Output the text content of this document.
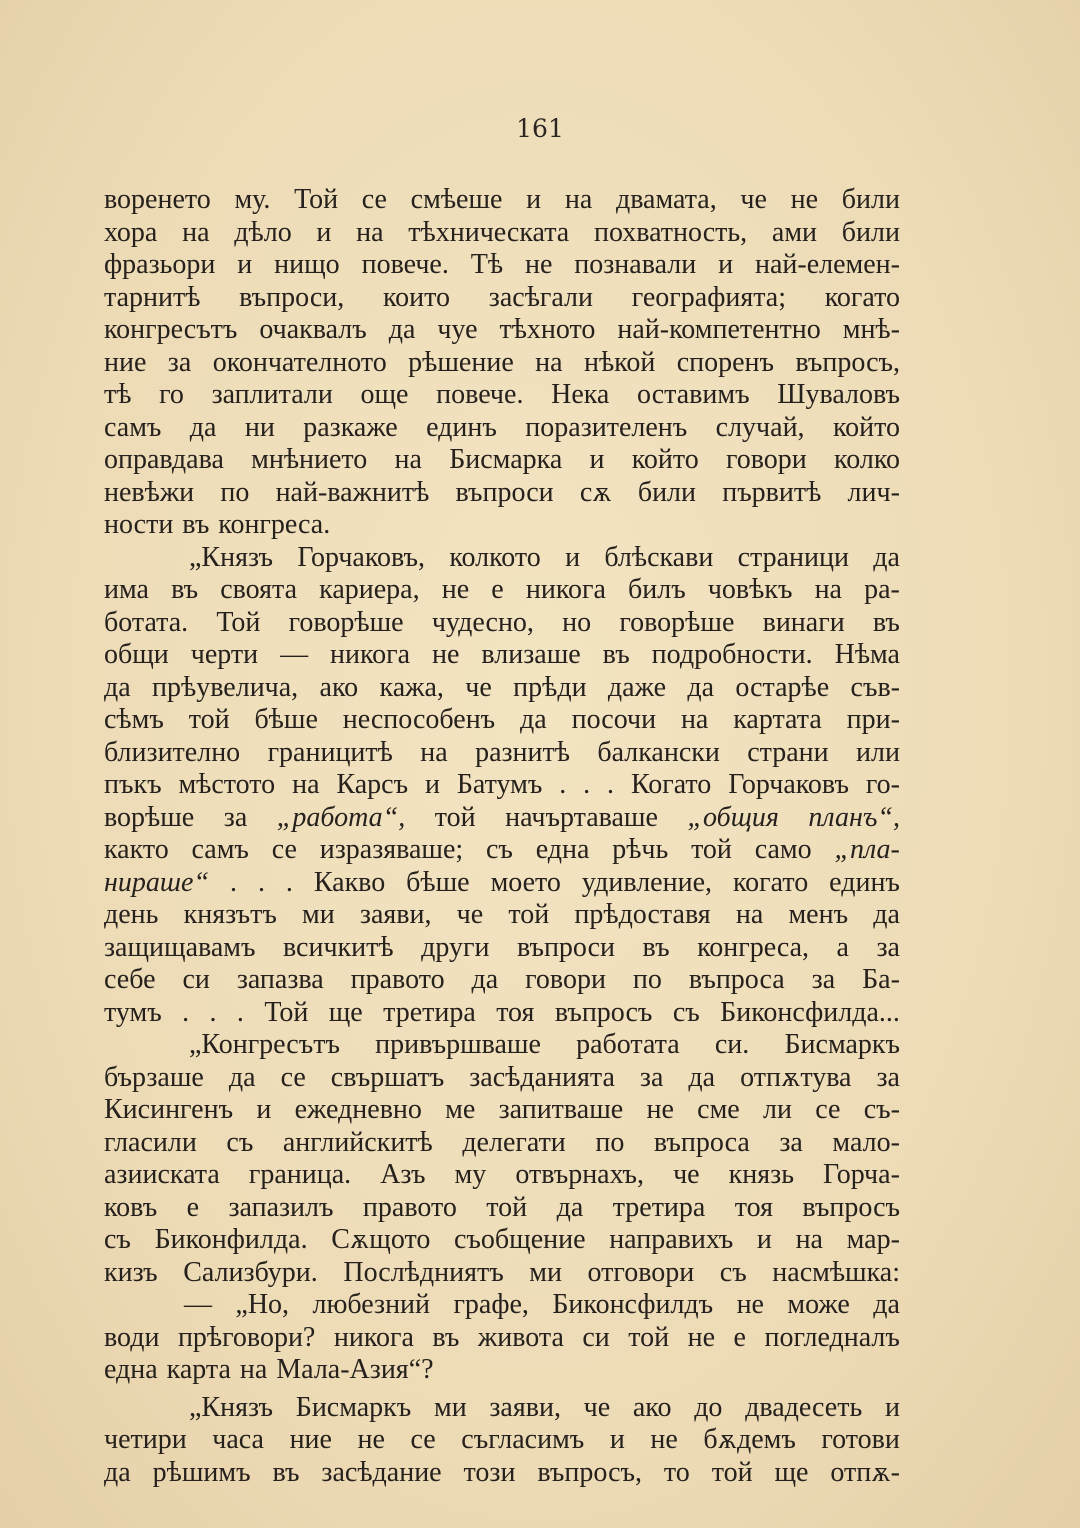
161
воренето му. Той се смѣеше и на двамата, че не били
хора на дѣло и на тѣхническата похватность, ами били
фразьори и нищо повече. Тѣ не познавали и най-елемен-
тарнитѣ въпроси, които засѣгали географията; когато
конгресътъ очаквалъ да чуе тѣхното най-компетентно мнѣ-
ние за окончателното рѣшение на нѣкой споренъ въпросъ,
тѣ го заплитали още повече. Нека оставимъ Шуваловъ
самъ да ни разкаже единъ поразителенъ случай, който
оправдава мнѣнието на Бисмарка и който говори колко
невѣжи по най-важнитѣ въпроси сѫ били първитѣ лич-
ности въ конгреса.
„Князъ Горчаковъ, колкото и блѣскави страници да
има въ своята кариера, не е никога билъ човѣкъ на ра-
ботата. Той говорѣше чудесно, но говорѣше винаги въ
общи черти — никога не влизаше въ подробности. Нѣма
да прѣувелича, ако кажа, че прѣди даже да остарѣе съв-
сѣмъ той бѣше неспособенъ да посочи на картата при-
близително границитѣ на разнитѣ балкански страни или
пъкъ мѣстото на Карсъ и Батумъ . . . Когато Горчаковъ го-
ворѣше за „работа“, той начъртаваше „общия планъ“,
както самъ се изразяваше; съ една рѣчь той само „пла-
нираше“ . . . Какво бѣше моето удивление, когато единъ
день князътъ ми заяви, че той прѣдоставя на менъ да
защищавамъ всичкитѣ други въпроси въ конгреса, а за
себе си запазва правото да говори по въпроса за Ба-
тумъ . . . Той ще третира тоя въпросъ съ Биконсфилда...
„Конгресътъ привършваше работата си. Бисмаркъ
бързаше да се свършатъ засѣданията за да отпѫтува за
Кисингенъ и ежедневно ме запитваше не сме ли се съ-
гласили съ английскитѣ делегати по въпроса за мало-
азииската граница. Азъ му отвърнахъ, че князь Горча-
ковъ е запазилъ правото той да третира тоя въпросъ
съ Биконфилда. Сѫщото съобщение направихъ и на мар-
кизъ Сализбури. Послѣдниятъ ми отговори съ насмѣшка:
— „Но, любезний графе, Биконсфилдъ не може да
води прѣговори? никога въ живота си той не е погледналъ
една карта на Мала-Азия“?
„Князъ Бисмаркъ ми заяви, че ако до двадесеть и
четири часа ние не се съгласимъ и не бѫдемъ готови
да рѣшимъ въ засѣдание този въпросъ, то той ще отпѫ-
